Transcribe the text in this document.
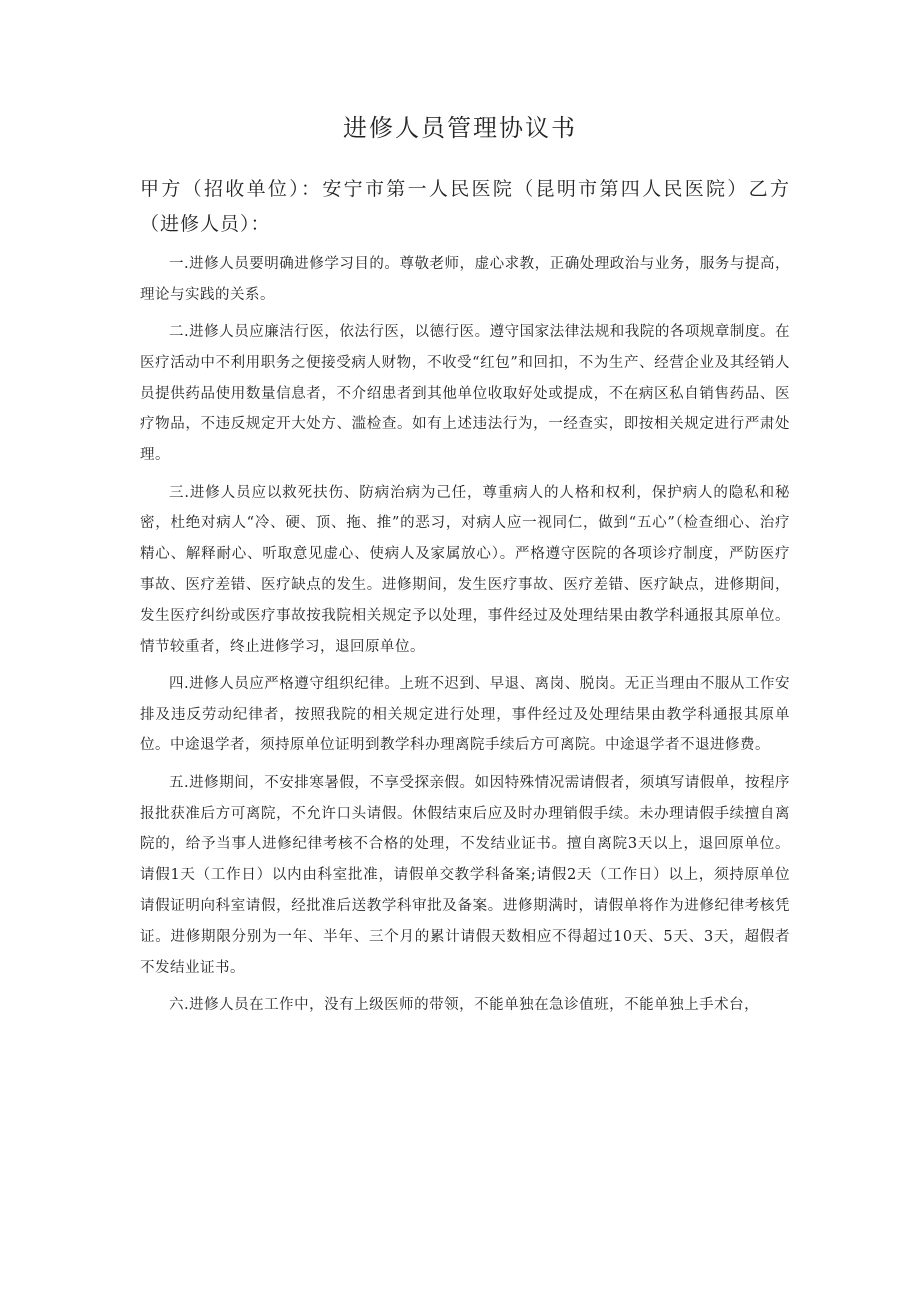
进修人员管理协议书
甲方（招收单位）：安宁市第一人民医院（昆明市第四人民医院）乙方（进修人员）：

一.进修人员要明确进修学习目的。尊敬老师，虚心求教，正确处理政治与业务，服务与提高，理论与实践的关系。

二.进修人员应廉洁行医，依法行医，以德行医。遵守国家法律法规和我院的各项规章制度。在医疗活动中不利用职务之便接受病人财物，不收受“红包”和回扣，不为生产、经营企业及其经销人员提供药品使用数量信息者，不介绍患者到其他单位收取好处或提成，不在病区私自销售药品、医疗物品，不违反规定开大处方、滥检查。如有上述违法行为，一经查实，即按相关规定进行严肃处理。

三.进修人员应以救死扶伤、防病治病为己任，尊重病人的人格和权利，保护病人的隐私和秘密，杜绝对病人“冷、硬、顶、拖、推”的恶习，对病人应一视同仁，做到“五心”（检查细心、治疗精心、解释耐心、听取意见虚心、使病人及家属放心）。严格遵守医院的各项诊疗制度，严防医疗事故、医疗差错、医疗缺点的发生。进修期间，发生医疗事故、医疗差错、医疗缺点，进修期间，发生医疗纠纷或医疗事故按我院相关规定予以处理，事件经过及处理结果由教学科通报其原单位。情节较重者，终止进修学习，退回原单位。

四.进修人员应严格遵守组织纪律。上班不迟到、早退、离岗、脱岗。无正当理由不服从工作安排及违反劳动纪律者，按照我院的相关规定进行处理，事件经过及处理结果由教学科通报其原单位。中途退学者，须持原单位证明到教学科办理离院手续后方可离院。中途退学者不退进修费。

五.进修期间，不安排寒暑假，不享受探亲假。如因特殊情况需请假者，须填写请假单，按程序报批获准后方可离院，不允许口头请假。休假结束后应及时办理销假手续。未办理请假手续擅自离院的，给予当事人进修纪律考核不合格的处理，不发结业证书。擅自离院3天以上，退回原单位。请假1天（工作日）以内由科室批准，请假单交教学科备案;请假2天（工作日）以上，须持原单位请假证明向科室请假，经批准后送教学科审批及备案。进修期满时，请假单将作为进修纪律考核凭证。进修期限分别为一年、半年、三个月的累计请假天数相应不得超过10天、5天、3天，超假者不发结业证书。

六.进修人员在工作中，没有上级医师的带领，不能单独在急诊值班，不能单独上手术台，
